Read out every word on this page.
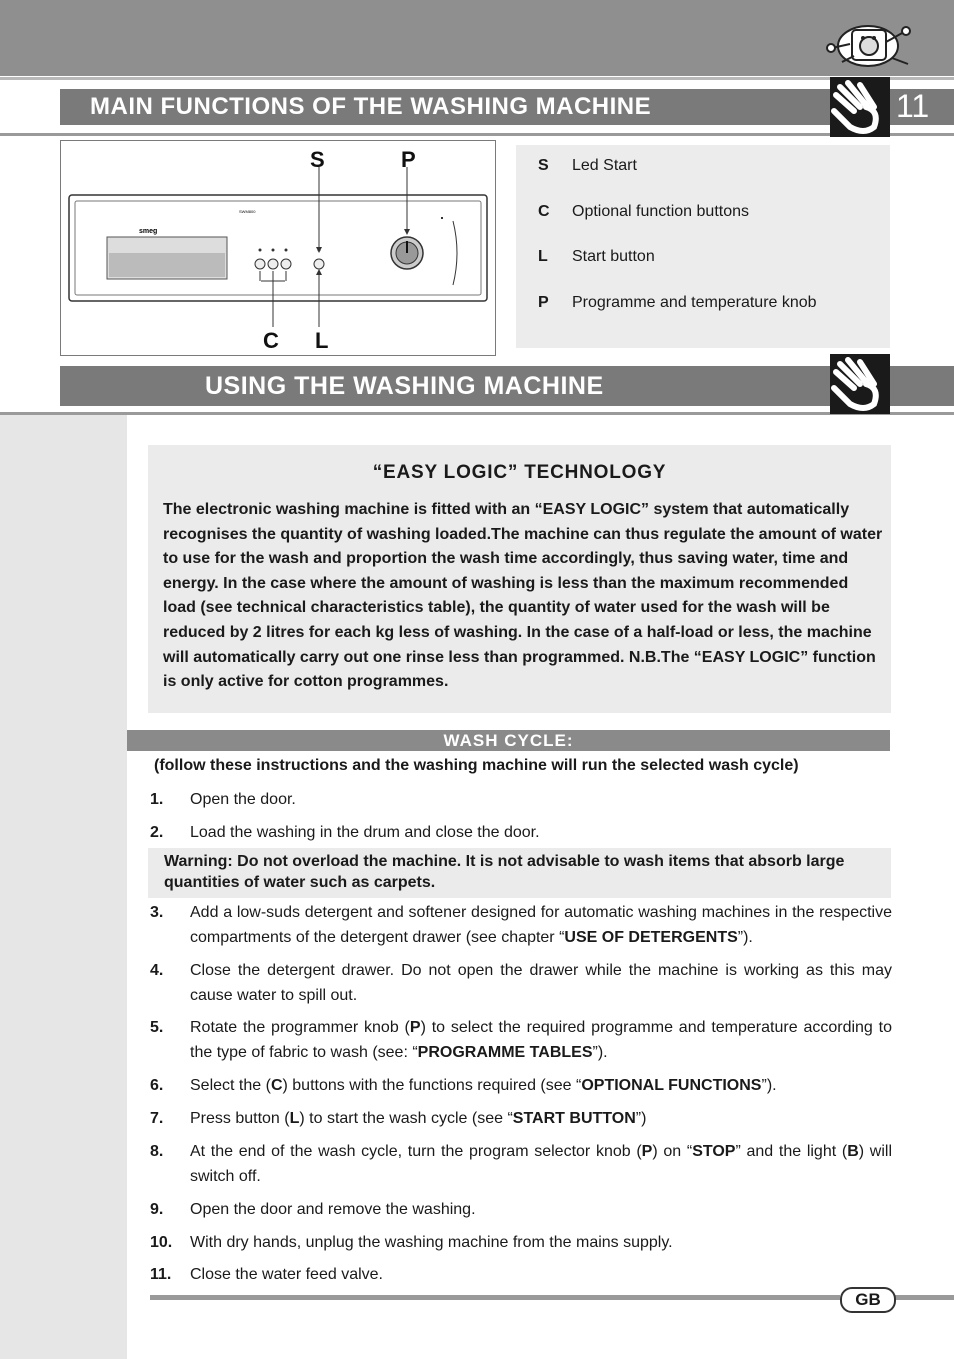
MAIN FUNCTIONS OF THE WASHING MACHINE	11
S	P
C L
smeg
SWM800
S	Led Start
C	Optional function buttons
L	Start button
P	Programme and temperature knob
USING THE WASHING MACHINE
“EASY LOGIC” TECHNOLOGY
The electronic washing machine is fitted with an “EASY LOGIC” system that automatically recognises the quantity of washing loaded.The machine can thus regulate the amount of water to use for the wash and proportion the wash time accordingly, thus saving water, time and energy. In the case where the amount of washing is less than the maximum recommended load (see technical characteristics table), the quantity of water used for the wash will be reduced by 2 litres for each kg less of washing. In the case of a half-load or less, the machine will automatically carry out one rinse less than programmed. N.B.The “EASY LOGIC” function is only active for cotton programmes.
WASH CYCLE:
(follow these instructions and the washing machine will run the selected wash cycle)
1. Open the door.
2. Load the washing in the drum and close the door.
Warning: Do not overload the machine. It is not advisable to wash items that absorb large quantities of water such as carpets.
3. Add a low-suds detergent and softener designed for automatic washing machines in the respective compartments of the detergent drawer (see chapter “USE OF DETERGENTS”).
4. Close the detergent drawer. Do not open the drawer while the machine is working as this may cause water to spill out.
5. Rotate the programmer knob (P) to select the required programme and temperature according to the type of fabric to wash (see: “PROGRAMME TABLES”).
6. Select the (C) buttons with the functions required (see “OPTIONAL FUNCTIONS”).
7. Press button (L) to start the wash cycle (see “START BUTTON”)
8. At the end of the wash cycle, turn the program selector knob (P) on “STOP” and the light (B) will switch off.
9. Open the door and remove the washing.
10. With dry hands, unplug the washing machine from the mains supply.
11. Close the water feed valve.
GB
